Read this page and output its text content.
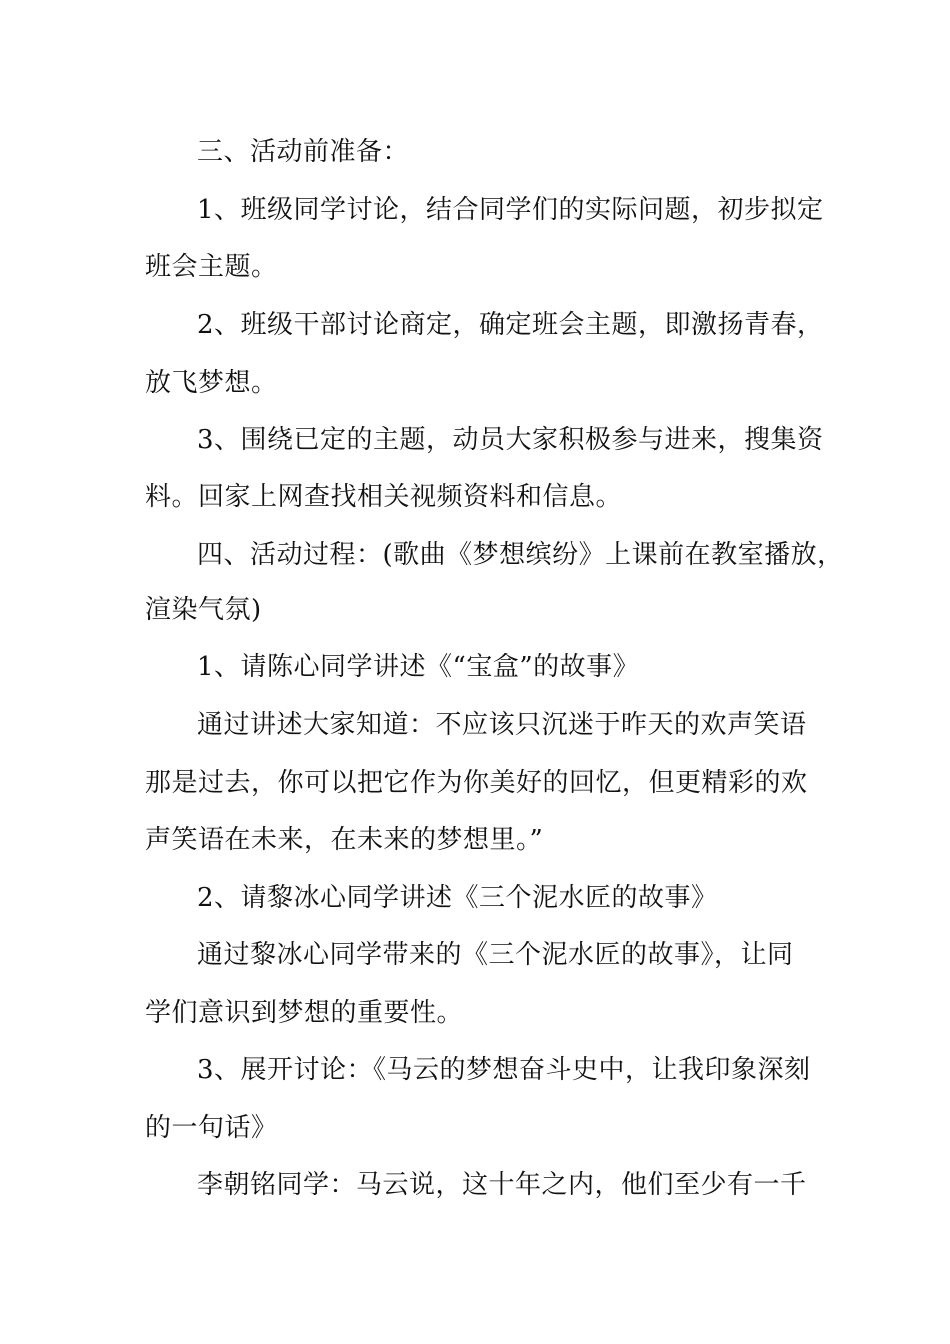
三、活动前准备：
1、班级同学讨论，结合同学们的实际问题，初步拟定
班会主题。
2、班级干部讨论商定，确定班会主题，即激扬青春，
放飞梦想。
3、围绕已定的主题，动员大家积极参与进来，搜集资
料。回家上网查找相关视频资料和信息。
四、活动过程：(歌曲《梦想缤纷》上课前在教室播放，
渲染气氛)
1、请陈心同学讲述《“宝盒”的故事》
通过讲述大家知道：不应该只沉迷于昨天的欢声笑语
那是过去，你可以把它作为你美好的回忆，但更精彩的欢
声笑语在未来，在未来的梦想里。”
2、请黎冰心同学讲述《三个泥水匠的故事》
通过黎冰心同学带来的《三个泥水匠的故事》，让同
学们意识到梦想的重要性。
3、展开讨论：《马云的梦想奋斗史中，让我印象深刻
的一句话》
李朝铭同学：马云说，这十年之内，他们至少有一千
